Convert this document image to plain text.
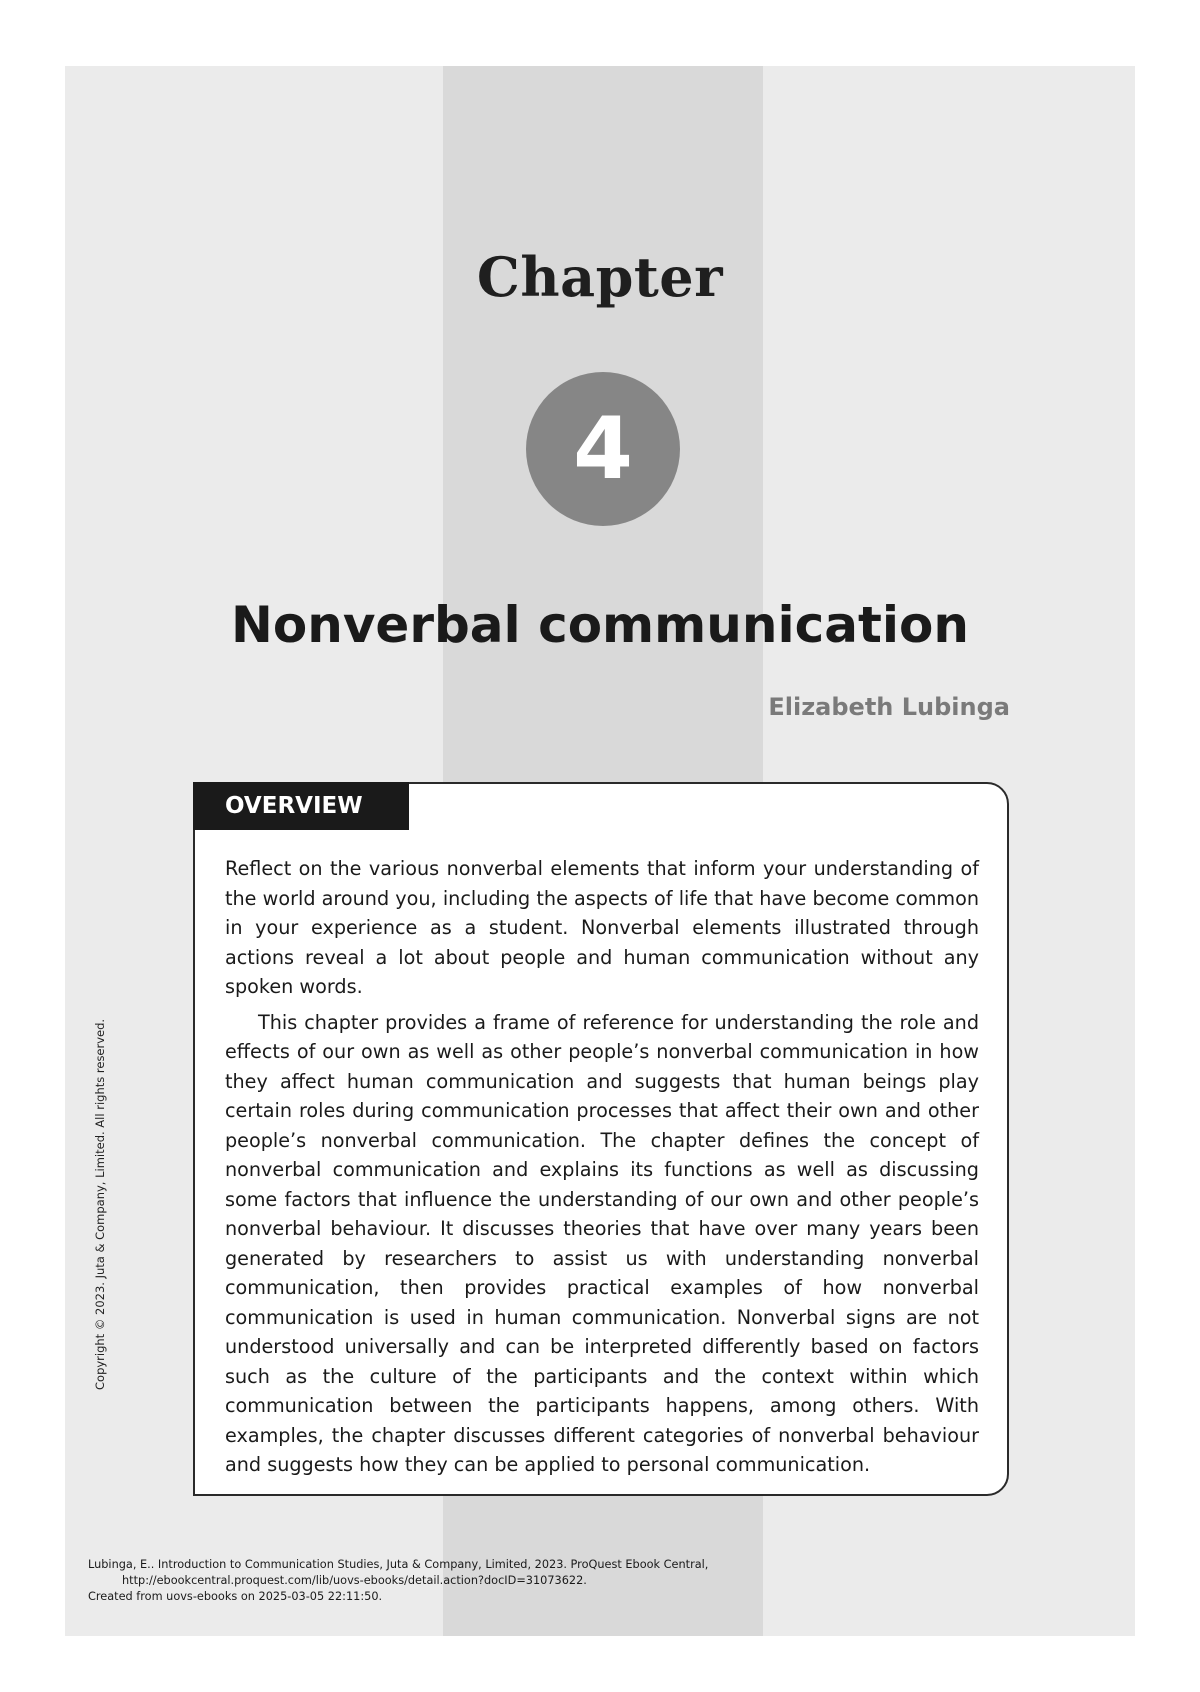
Chapter
4
Nonverbal communication
Elizabeth Lubinga
OVERVIEW

Reflect on the various nonverbal elements that inform your understanding of the world around you, including the aspects of life that have become common in your experience as a student. Nonverbal elements illustrated through actions reveal a lot about people and human communication without any spoken words.

This chapter provides a frame of reference for understanding the role and effects of our own as well as other people’s nonverbal communication in how they affect human communication and suggests that human beings play certain roles during communication processes that affect their own and other people’s nonverbal communication. The chapter defines the concept of nonverbal communication and explains its functions as well as discussing some factors that influence the understanding of our own and other people’s nonverbal behaviour. It discusses theories that have over many years been generated by researchers to assist us with understanding nonverbal communication, then provides practical examples of how nonverbal communication is used in human communication. Nonverbal signs are not understood universally and can be interpreted differently based on factors such as the culture of the participants and the context within which communication between the participants happens, among others. With examples, the chapter discusses different categories of nonverbal behaviour and suggests how they can be applied to personal communication.

Copyright © 2023. Juta & Company, Limited. All rights reserved.
Lubinga, E.. Introduction to Communication Studies, Juta & Company, Limited, 2023. ProQuest Ebook Central,
http://ebookcentral.proquest.com/lib/uovs-ebooks/detail.action?docID=31073622.
Created from uovs-ebooks on 2025-03-05 22:11:50.
